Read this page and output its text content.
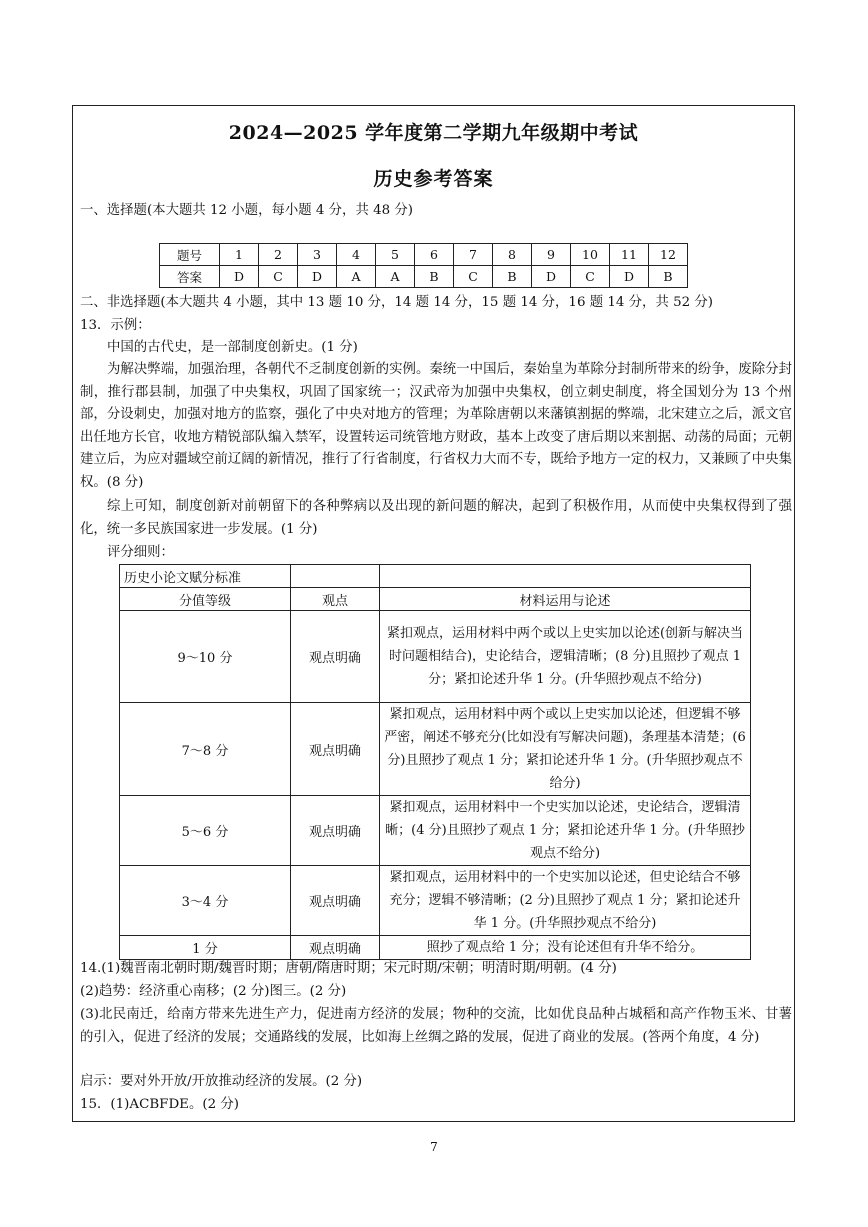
2024—2025 学年度第二学期九年级期中考试
历史参考答案
一、选择题(本大题共 12 小题，每小题 4 分，共 48 分)
题号	1	2	3	4	5	6	7	8	9	10	11	12
答案	D	C	D	A	A	B	C	B	D	C	D	B
二、非选择题(本大题共 4 小题，其中 13 题 10 分，14 题 14 分，15 题 14 分，16 题 14 分，共 52 分)
13．示例：
中国的古代史，是一部制度创新史。(1 分)
为解决弊端，加强治理，各朝代不乏制度创新的实例。秦统一中国后，秦始皇为革除分封制所带来的纷争，废除分封制，推行郡县制，加强了中央集权，巩固了国家统一；汉武帝为加强中央集权，创立刺史制度，将全国划分为 13 个州部，分设刺史，加强对地方的监察，强化了中央对地方的管理；为革除唐朝以来藩镇割据的弊端，北宋建立之后，派文官出任地方长官，收地方精锐部队编入禁军，设置转运司统管地方财政，基本上改变了唐后期以来割据、动荡的局面；元朝建立后，为应对疆域空前辽阔的新情况，推行了行省制度，行省权力大而不专，既给予地方一定的权力，又兼顾了中央集权。(8 分)
综上可知，制度创新对前朝留下的各种弊病以及出现的新问题的解决，起到了积极作用，从而使中央集权得到了强化，统一多民族国家进一步发展。(1 分)
评分细则：
历史小论文赋分标准		
分值等级	观点	材料运用与论述
9～10 分	观点明确	紧扣观点，运用材料中两个或以上史实加以论述(创新与解决当时问题相结合)，史论结合，逻辑清晰；(8 分)且照抄了观点 1 分；紧扣论述升华 1 分。(升华照抄观点不给分)
7～8 分	观点明确	紧扣观点，运用材料中两个或以上史实加以论述，但逻辑不够严密，阐述不够充分(比如没有写解决问题)，条理基本清楚；(6 分)且照抄了观点 1 分；紧扣论述升华 1 分。(升华照抄观点不给分)
5～6 分	观点明确	紧扣观点，运用材料中一个史实加以论述，史论结合，逻辑清晰；(4 分)且照抄了观点 1 分；紧扣论述升华 1 分。(升华照抄观点不给分)
3～4 分	观点明确	紧扣观点，运用材料中的一个史实加以论述，但史论结合不够充分；逻辑不够清晰；(2 分)且照抄了观点 1 分；紧扣论述升华 1 分。(升华照抄观点不给分)
1 分	观点明确	照抄了观点给 1 分；没有论述但有升华不给分。
14.(1)魏晋南北朝时期/魏晋时期；唐朝/隋唐时期；宋元时期/宋朝；明清时期/明朝。(4 分)
(2)趋势：经济重心南移；(2 分)图三。(2 分)
(3)北民南迁，给南方带来先进生产力，促进南方经济的发展；物种的交流，比如优良品种占城稻和高产作物玉米、甘薯的引入，促进了经济的发展；交通路线的发展，比如海上丝绸之路的发展，促进了商业的发展。(答两个角度，4 分)
启示：要对外开放/开放推动经济的发展。(2 分)
15．(1)ACBFDE。(2 分)
7
